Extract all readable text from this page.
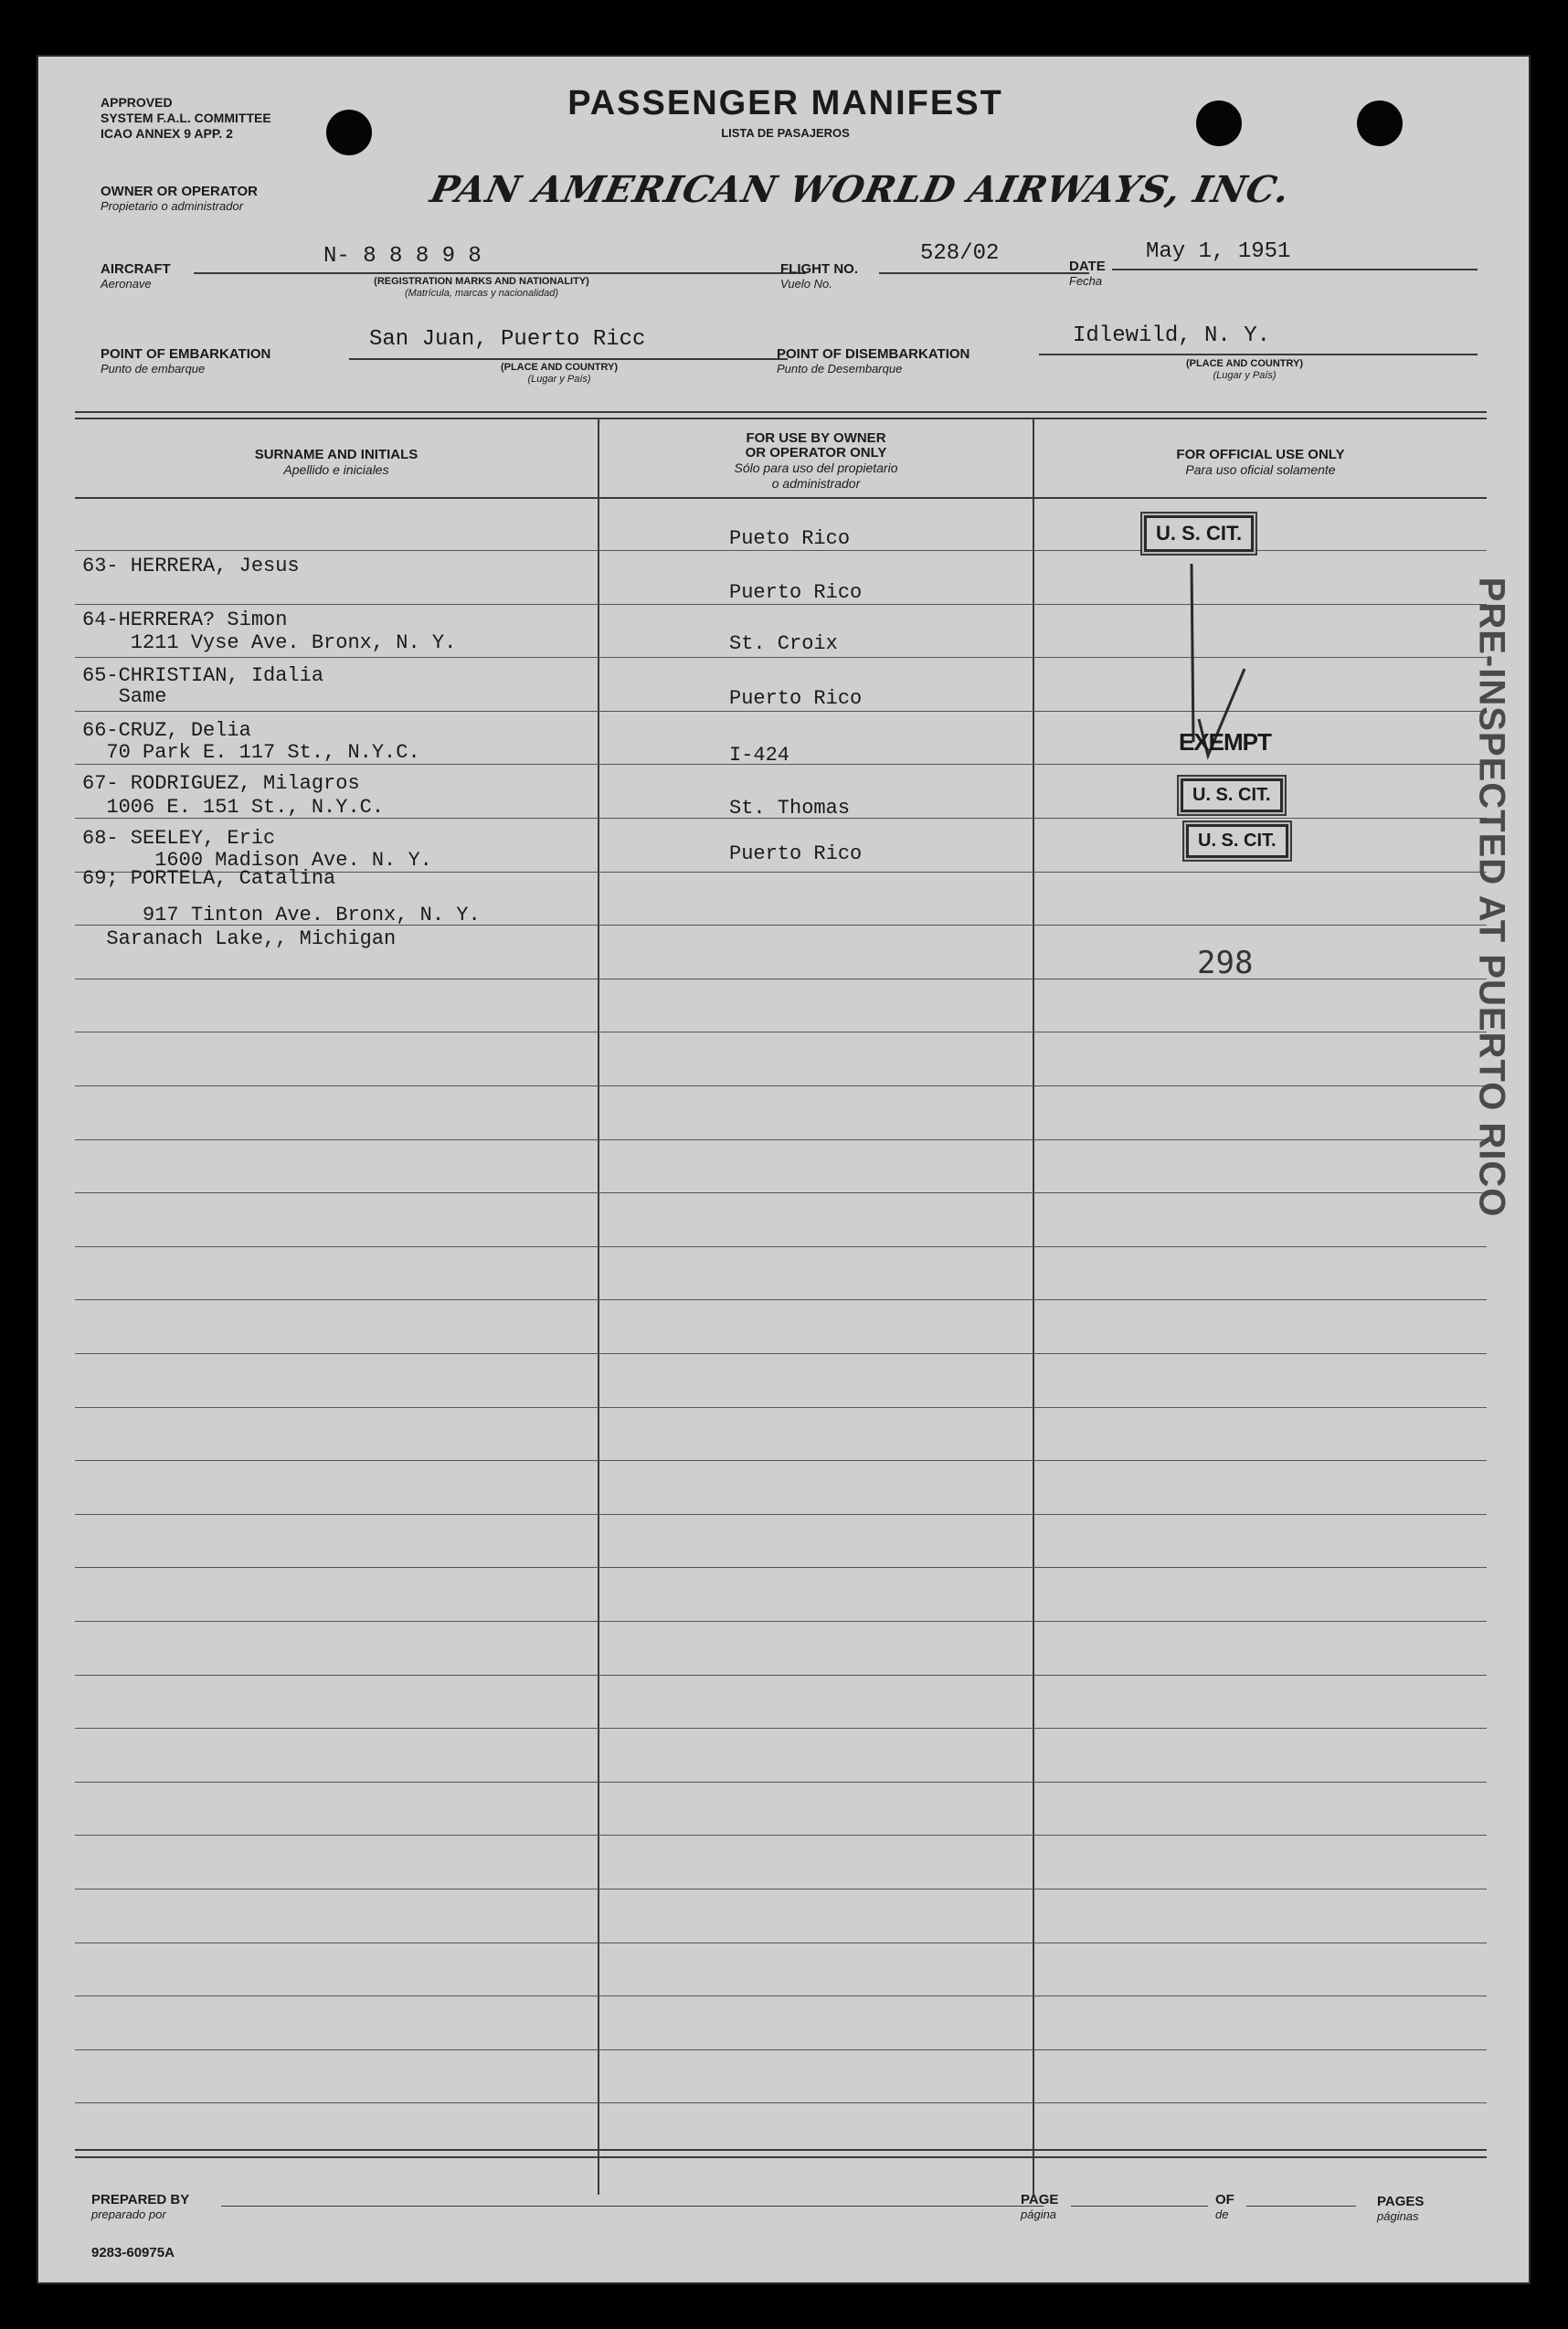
APPROVED
SYSTEM F.A.L. COMMITTEE
ICAO ANNEX 9 APP. 2
PASSENGER MANIFEST
LISTA DE PASAJEROS
OWNER OR OPERATOR
Propietario o administrador	PAN AMERICAN WORLD AIRWAYS, INC.
AIRCRAFT
Aeronave
N- 8 8 8 9 8
(REGISTRATION MARKS AND NATIONALITY)
(Matrícula, marcas y nacionalidad)
FLIGHT NO.
Vuelo No.
528/02
DATE
Fecha
May 1, 1951
POINT OF EMBARKATION
Punto de embarque
San Juan, Puerto Ricc
(PLACE AND COUNTRY)
(Lugar y País)
POINT OF DISEMBARKATION
Punto de Desembarque
Idlewild, N. Y.
(PLACE AND COUNTRY)
(Lugar y País)
SURNAME AND INITIALS
Apellido e iniciales
FOR USE BY OWNER
OR OPERATOR ONLY
Sólo para uso del propietario
o administrador
FOR OFFICIAL USE ONLY
Para uso oficial solamente

63- HERRERA, Jesus

1211 Vyse Ave. Bronx, N. Y.

Pueto Rico

64-HERRERA? Simon

Same

Puerto Rico

65-CHRISTIAN, Idalia

70 Park E. 117 St., N.Y.C.

St. Croix

66-CRUZ, Delia

1006 E. 151 St., N.Y.C.

Puerto Rico

67- RODRIGUEZ, Milagros

1600 Madison Ave. N. Y.

I-424

68- SEELEY, Eric

917 Tinton Ave. Bronx, N. Y.

St. Thomas

69; PORTELA, Catalina

Saranach Lake,, Michigan

Puerto Rico
U. S. CIT.
EXEMPT
U. S. CIT.
U. S. CIT.
298	PRE-INSPECTED AT PUERTO RICO
PREPARED BY
preparado por
PAGE
página
OF
de
PAGES
páginas
9283-60975A
